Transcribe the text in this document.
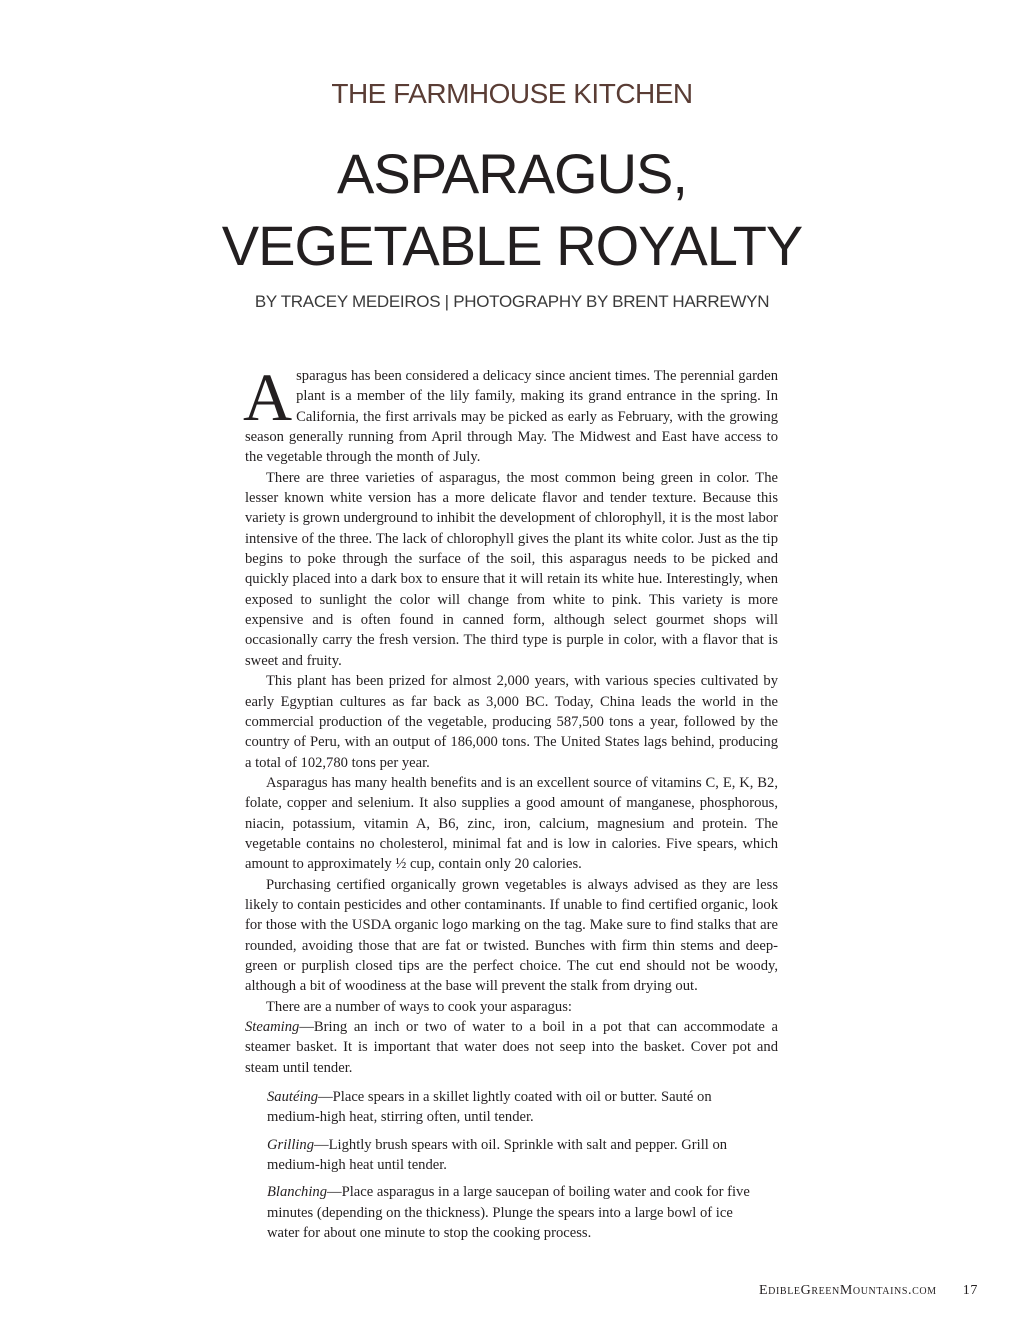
THE FARMHOUSE KITCHEN
ASPARAGUS,
VEGETABLE ROYALTY

BY TRACEY MEDEIROS | PHOTOGRAPHY BY BRENT HARREWYN

Asparagus has been considered a delicacy since ancient times. The perennial garden plant is a member of the lily family, making its grand entrance in the spring. In California, the first arrivals may be picked as early as February, with the growing season generally running from April through May. The Midwest and East have access to the vegetable through the month of July.

There are three varieties of asparagus, the most common being green in color. The lesser known white version has a more delicate flavor and tender texture. Because this variety is grown underground to inhibit the development of chlorophyll, it is the most labor intensive of the three. The lack of chlorophyll gives the plant its white color. Just as the tip begins to poke through the surface of the soil, this asparagus needs to be picked and quickly placed into a dark box to ensure that it will retain its white hue. Interestingly, when exposed to sunlight the color will change from white to pink. This variety is more expensive and is often found in canned form, although select gourmet shops will occasionally carry the fresh version. The third type is purple in color, with a flavor that is sweet and fruity.

This plant has been prized for almost 2,000 years, with various species cultivated by early Egyptian cultures as far back as 3,000 BC. Today, China leads the world in the commercial production of the vegetable, producing 587,500 tons a year, followed by the country of Peru, with an output of 186,000 tons. The United States lags behind, producing a total of 102,780 tons per year.

Asparagus has many health benefits and is an excellent source of vitamins C, E, K, B2, folate, copper and selenium. It also supplies a good amount of manganese, phosphorous, niacin, potassium, vitamin A, B6, zinc, iron, calcium, magnesium and protein. The vegetable contains no cholesterol, minimal fat and is low in calories. Five spears, which amount to approximately ½ cup, contain only 20 calories.

Purchasing certified organically grown vegetables is always advised as they are less likely to contain pesticides and other contaminants. If unable to find certified organic, look for those with the USDA organic logo marking on the tag. Make sure to find stalks that are rounded, avoiding those that are fat or twisted. Bunches with firm thin stems and deep-green or purplish closed tips are the perfect choice. The cut end should not be woody, although a bit of woodiness at the base will prevent the stalk from drying out.

There are a number of ways to cook your asparagus:

Steaming—Bring an inch or two of water to a boil in a pot that can accommodate a steamer basket. It is important that water does not seep into the basket. Cover pot and steam until tender.

Sautéing—Place spears in a skillet lightly coated with oil or butter. Sauté on medium-high heat, stirring often, until tender.

Grilling—Lightly brush spears with oil. Sprinkle with salt and pepper. Grill on medium-high heat until tender.

Blanching—Place asparagus in a large saucepan of boiling water and cook for five minutes (depending on the thickness). Plunge the spears into a large bowl of ice water for about one minute to stop the cooking process.

EdibleGreenMountains.com 17
